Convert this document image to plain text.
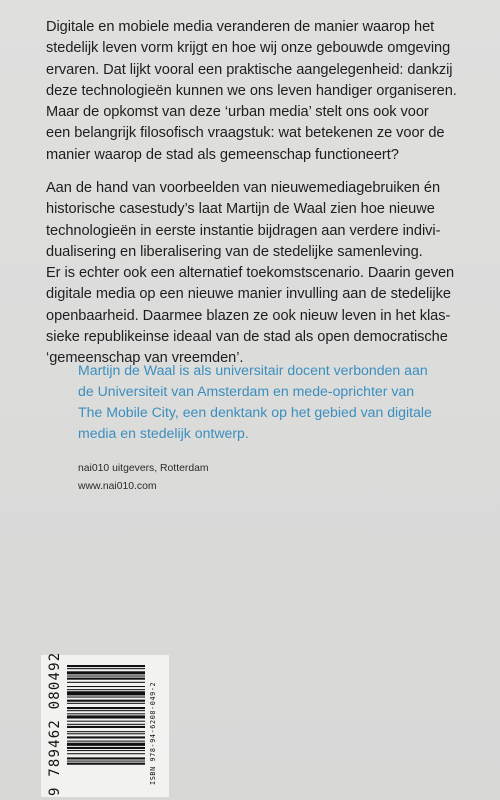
Digitale en mobiele media veranderen de manier waarop het
stedelijk leven vorm krijgt en hoe wij onze gebouwde omgeving
ervaren. Dat lijkt vooral een praktische aangelegenheid: dankzij
deze technologieën kunnen we ons leven handiger organiseren.
Maar de opkomst van deze ‘urban media’ stelt ons ook voor
een belangrijk filosofisch vraagstuk: wat betekenen ze voor de
manier waarop de stad als gemeenschap functioneert?
Aan de hand van voorbeelden van nieuwemediagebruiken én
historische casestudy’s laat Martijn de Waal zien hoe nieuwe
technologieën in eerste instantie bijdragen aan verdere indivi-
dualisering en liberalisering van de stedelijke samenleving.
Er is echter ook een alternatief toekomstscenario. Daarin geven
digitale media op een nieuwe manier invulling aan de stedelijke
openbaarheid. Daarmee blazen ze ook nieuw leven in het klas-
sieke republikeinse ideaal van de stad als open democratische
‘gemeenschap van vreemden’.
Martijn de Waal is als universitair docent verbonden aan
de Universiteit van Amsterdam en mede-oprichter van
The Mobile City, een denktank op het gebied van digitale
media en stedelijk ontwerp.
nai010 uitgevers, Rotterdam
www.nai010.com
9 789462 080492	ISBN 978-94-6208-049-2
